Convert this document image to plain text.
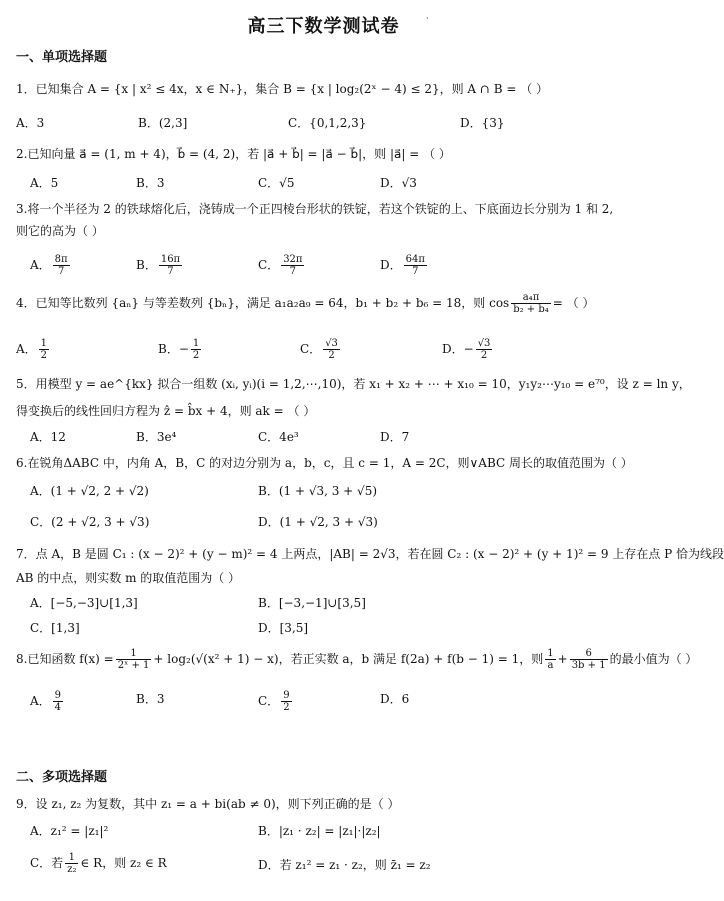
高三下数学测试卷	·
一、单项选择题
1．已知集合 A = {x | x² ≤ 4x，x ∈ N₊}，集合 B = {x | log₂(2ˣ − 4) ≤ 2}，则 A ∩ B = （ ）
A．3	B．(2,3]	C．{0,1,2,3}	D．{3}
2.已知向量 a⃗ = (1, m + 4)，b⃗ = (4, 2)，若 |a⃗ + b⃗| = |a⃗ − b⃗|，则 |a⃗| = （ ）
A．5	B．3	C．√5	D．√3
3.将一个半径为 2 的铁球熔化后，浇铸成一个正四棱台形状的铁锭，若这个铁锭的上、下底面边长分别为 1 和 2,
则它的高为（ ）
A． $\frac{8\pi}{7}$	B． $\frac{16\pi}{7}$	C． $\frac{32\pi}{7}$	D． $\frac{64\pi}{7}$
4．已知等比数列 {aₙ} 与等差数列 {bₙ}，满足 a₁a₂a₉ = 64，b₁ + b₂ + b₆ = 18，则 $\cos \frac{\text{a₄π}}{\text{b₂ + b₄}}$ = （ ）
A． $\frac{1}{2}$	B．− $\frac{1}{2}$	C． $\frac{√3}{2}$	D．− $\frac{√3}{2}$
5．用模型 y = ae^{kx} 拟合一组数 (xᵢ, yᵢ)(i = 1,2,⋯,10)，若 x₁ + x₂ + ⋯ + x₁₀ = 10，y₁y₂⋯y₁₀ = e⁷⁰，设 z = ln y，
得变换后的线性回归方程为 ẑ = b̂x + 4，则 ak = （ ）
A．12	B．3e⁴	C．4e³	D．7
6.在锐角ΔABC 中，内角 A，B，C 的对边分别为 a，b，c，且 c = 1，A = 2C，则∨ABC 周长的取值范围为（ ）
A．(1 + √2, 2 + √2)	B．(1 + √3, 3 + √5)
C．(2 + √2, 3 + √3)	D．(1 + √2, 3 + √3)
7．点 A，B 是圆 C₁ : (x − 2)² + (y − m)² = 4 上两点，|AB| = 2√3，若在圆 C₂ : (x − 2)² + (y + 1)² = 9 上存在点 P 恰为线段
AB 的中点，则实数 m 的取值范围为（ ）
A．[−5,−3]∪[1,3]	B．[−3,−1]∪[3,5]
C．[1,3]	D．[3,5]
8.已知函数 $f(x) = \frac{1}{\text{2ˣ + 1}} + \log_2(√(x^2 + 1) - x)$，若正实数 a，b 满足 f(2a) + f(b − 1) = 1，则 $\frac{1}{a} + \frac{6}{3b + 1}$ 的最小值为（ ）
A． $\frac{9}{4}$	B．3	C． $\frac{9}{2}$	D．6
二、多项选择题
9．设 z₁, z₂ 为复数，其中 z₁ = a + bi(ab ≠ 0)，则下列正确的是（ ）
A．z₁² = |z₁|²	B．|z₁ · z₂| = |z₁|·|z₂|
C．若 $\frac{1}{\text{z₂}}$ ∈ R，则 z₂ ∈ R	D．若 z₁² = z₁ · z₂，则 z̄₁ = z₂
